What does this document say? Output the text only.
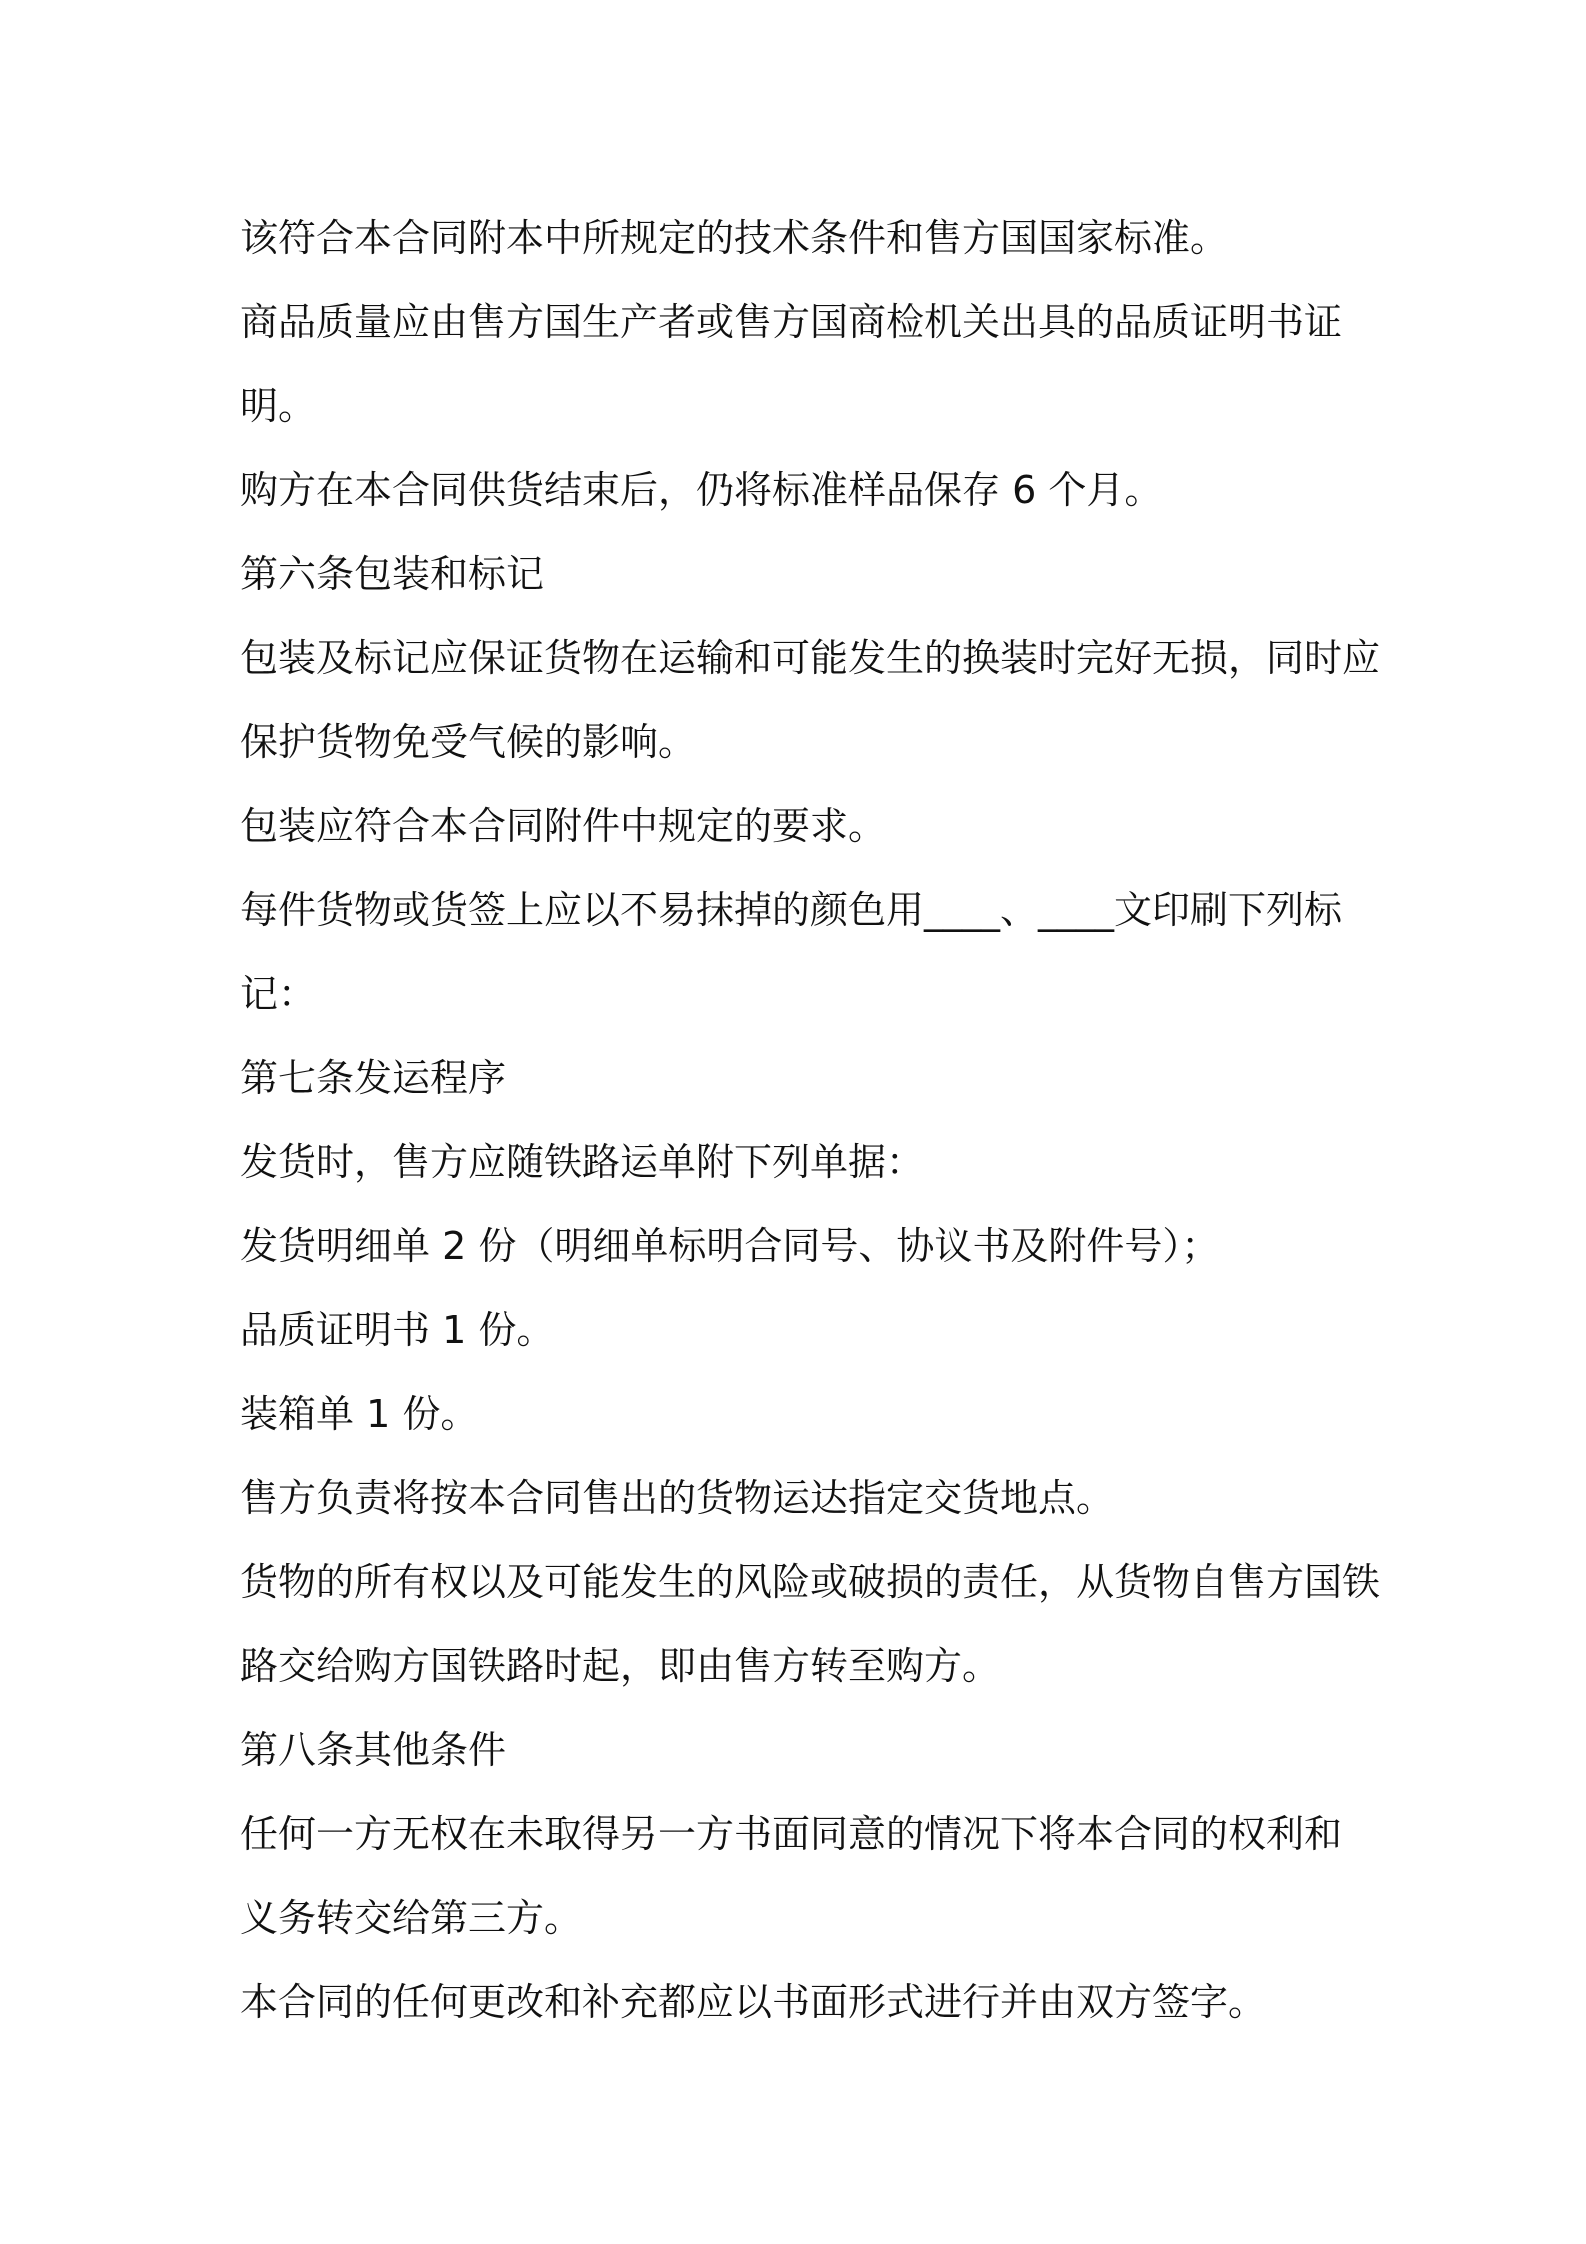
该符合本合同附本中所规定的技术条件和售方国国家标准。

商品质量应由售方国生产者或售方国商检机关出具的品质证明书证

明。

购方在本合同供货结束后，仍将标准样品保存 6 个月。

第六条包装和标记

包装及标记应保证货物在运输和可能发生的换装时完好无损，同时应

保护货物免受气候的影响。

包装应符合本合同附件中规定的要求。

每件货物或货签上应以不易抹掉的颜色用____、____文印刷下列标

记：

第七条发运程序

发货时，售方应随铁路运单附下列单据：

发货明细单 2 份（明细单标明合同号、协议书及附件号）；

品质证明书 1 份。

装箱单 1 份。

售方负责将按本合同售出的货物运达指定交货地点。

货物的所有权以及可能发生的风险或破损的责任，从货物自售方国铁

路交给购方国铁路时起，即由售方转至购方。

第八条其他条件

任何一方无权在未取得另一方书面同意的情况下将本合同的权利和

义务转交给第三方。

本合同的任何更改和补充都应以书面形式进行并由双方签字。
